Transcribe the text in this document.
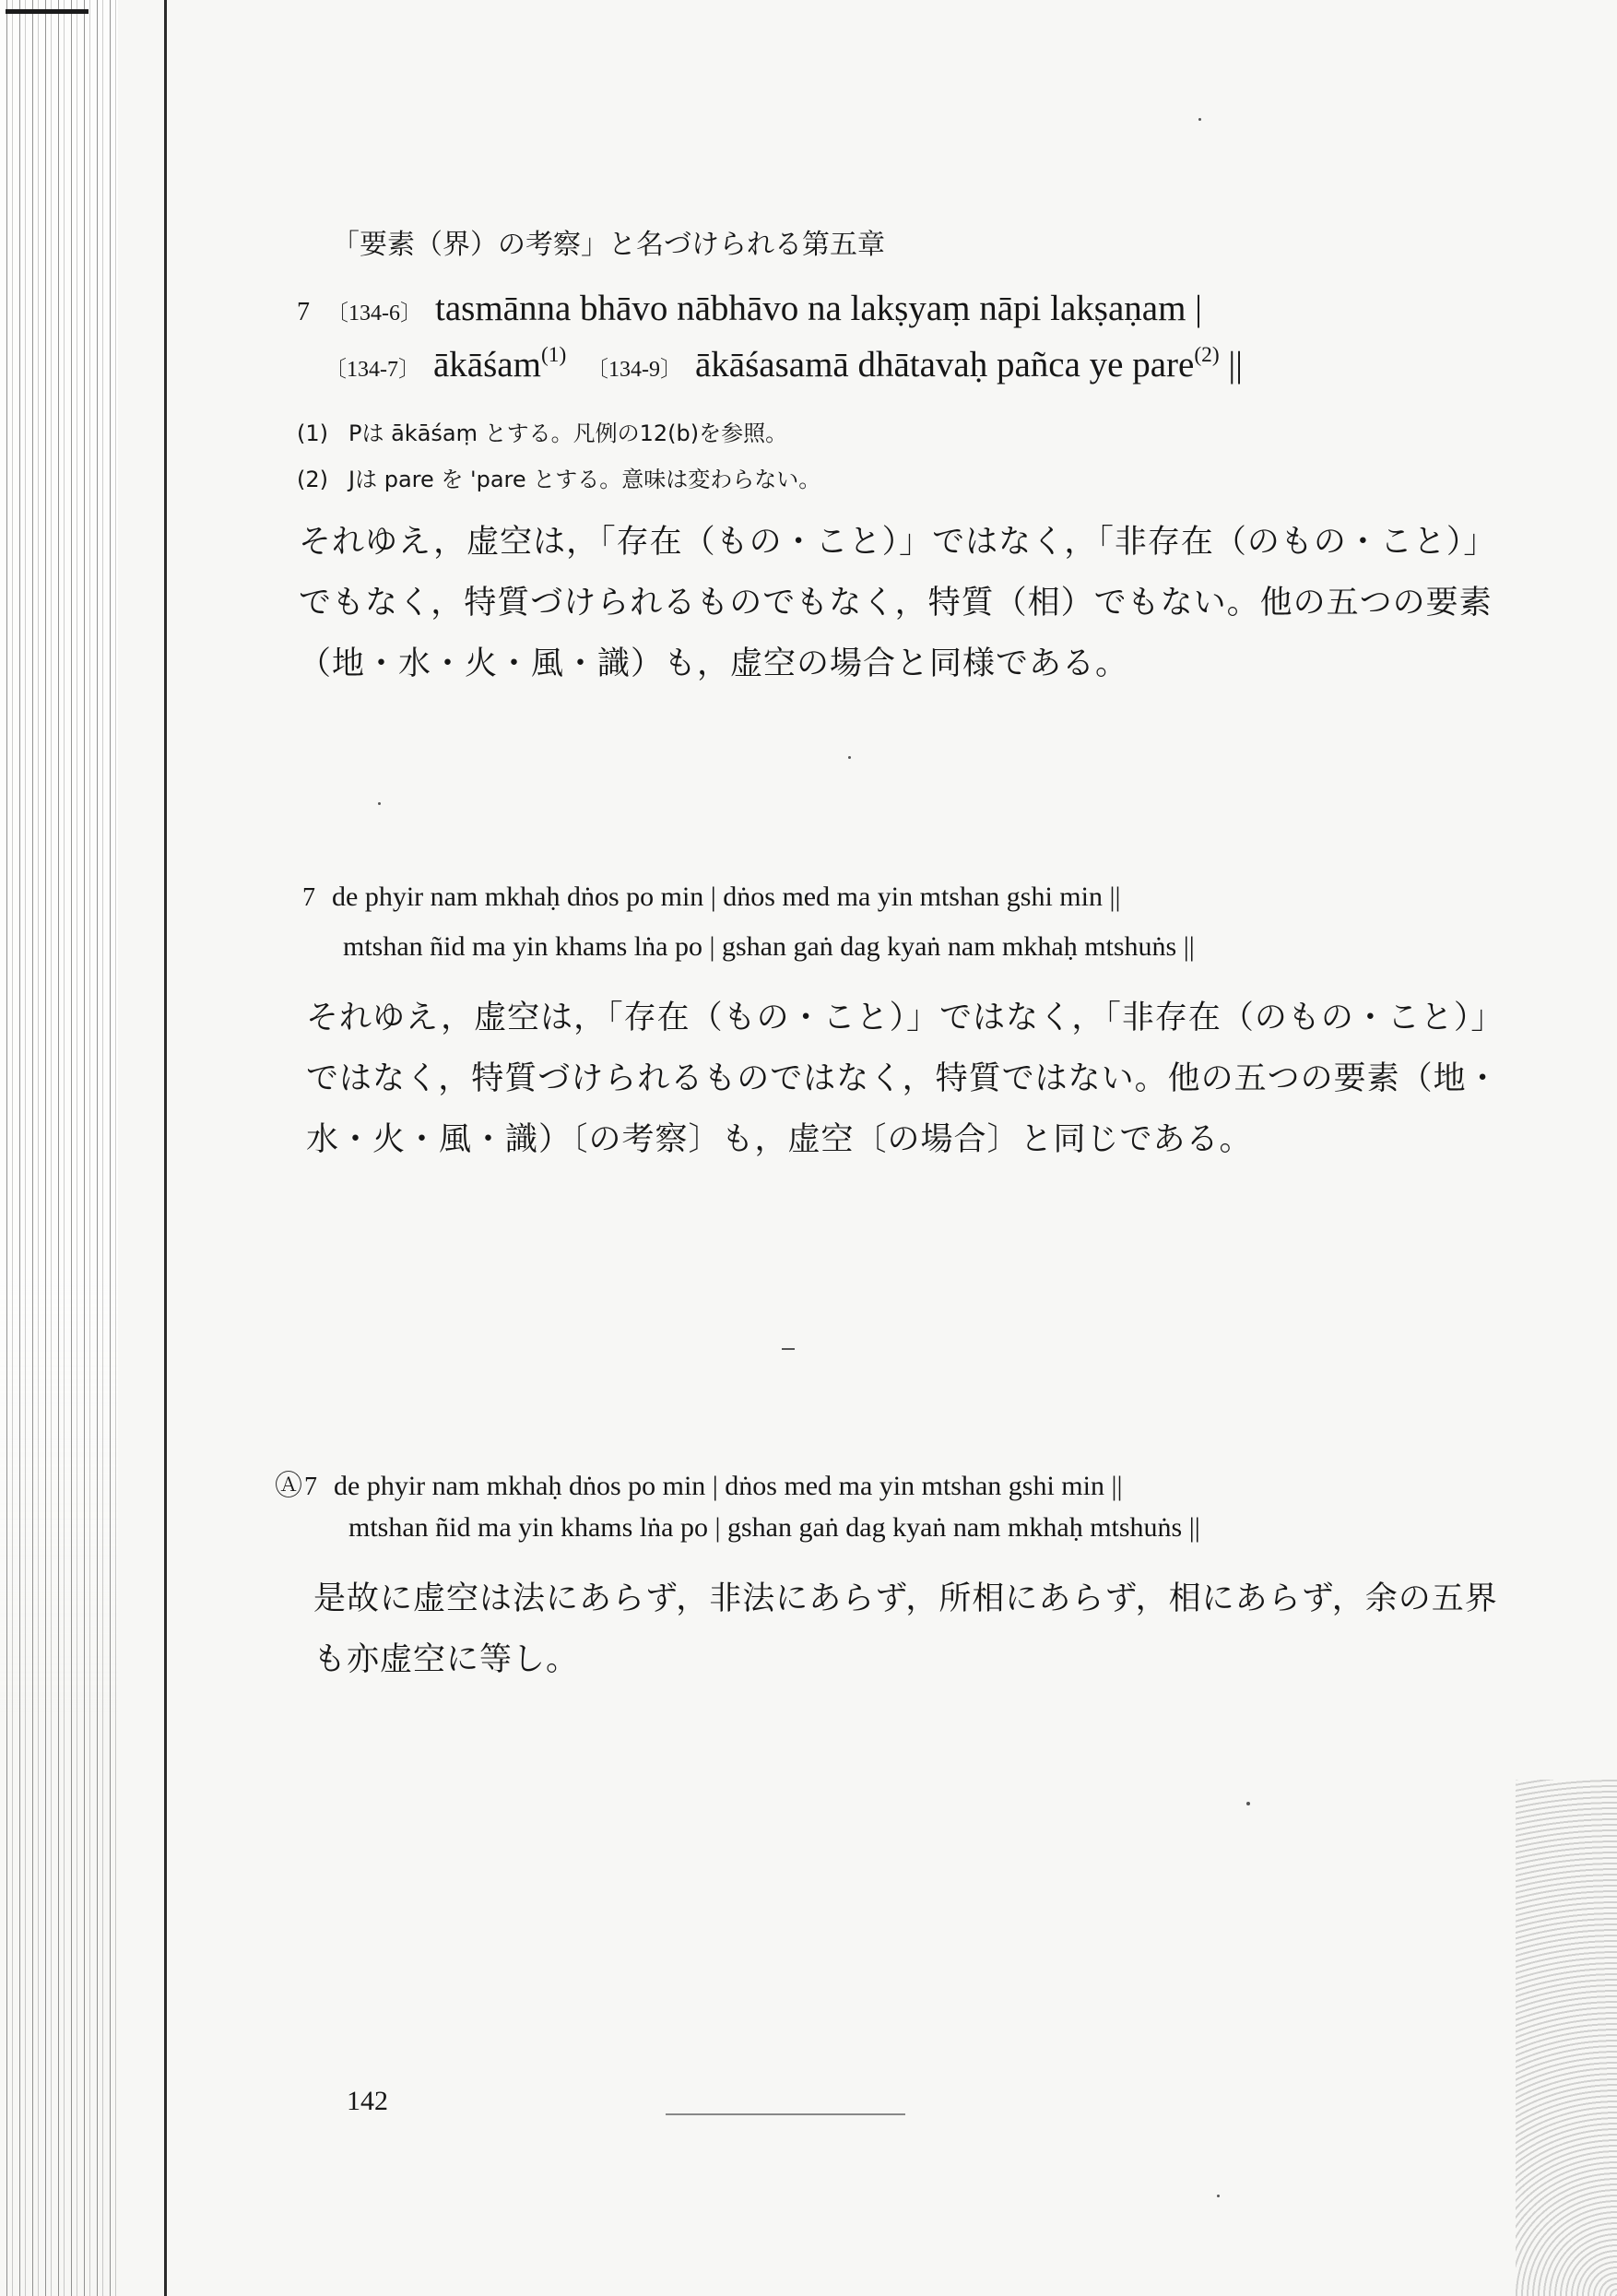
「要素（界）の考察」と名づけられる第五章
7 〔134-6〕 tasmānna bhāvo nābhāvo na lakṣyaṃ nāpi lakṣaṇam |
〔134-7〕 ākāśam$^{(1)}$ 〔134-9〕 ākāśasamā dhātavaḥ pañca ye pare$^{(2)}$ ||
(1) Pは ākāśaṃ とする。凡例の12(b)を参照。
(2) Jは pare を 'pare とする。意味は変わらない。
それゆえ，虚空は，「存在（もの・こと）」ではなく，「非存在（のもの・こと）」
でもなく，特質づけられるものでもなく，特質（相）でもない。他の五つの要素
（地・水・火・風・識）も，虚空の場合と同様である。
7 de phyir nam mkhaḥ dṅos po min | dṅos med ma yin mtshan gshi min ||
mtshan ñid ma yin khams lṅa po | gshan gaṅ dag kyaṅ nam mkhaḥ mtshuṅs ||
それゆえ，虚空は，「存在（もの・こと）」ではなく，「非存在（のもの・こと）」
ではなく，特質づけられるものではなく，特質ではない。他の五つの要素（地・
水・火・風・識）〔の考察〕も，虚空〔の場合〕と同じである。
Ⓐ7 de phyir nam mkhaḥ dṅos po min | dṅos med ma yin mtshan gshi min ||
mtshan ñid ma yin khams lṅa po | gshan gaṅ dag kyaṅ nam mkhaḥ mtshuṅs ||
是故に虚空は法にあらず，非法にあらず，所相にあらず，相にあらず，余の五界
も亦虚空に等し。
142
